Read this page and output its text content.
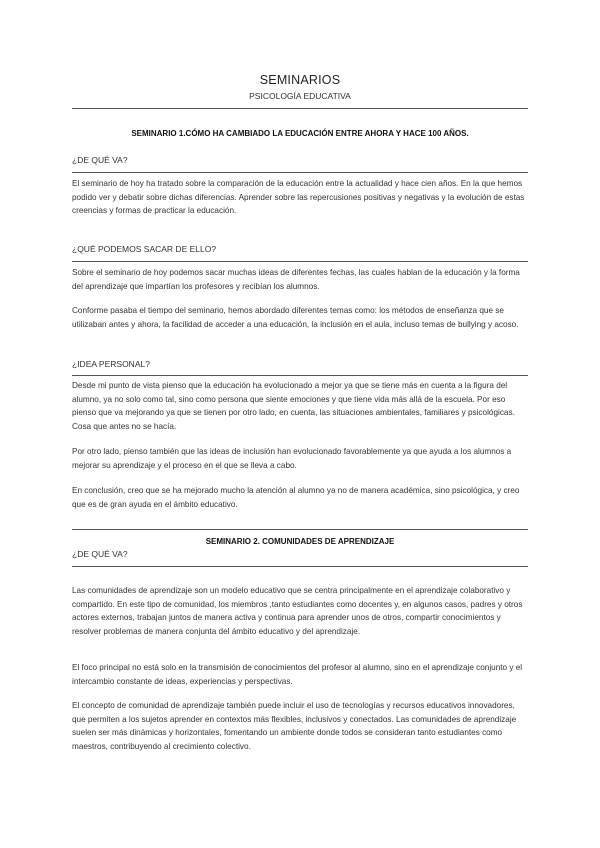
SEMINARIOS
PSICOLOGÍA EDUCATIVA
SEMINARIO 1.CÓMO HA CAMBIADO LA EDUCACIÓN ENTRE AHORA Y HACE 100 AÑOS.
¿DE QUÉ VA?

El seminario de hoy ha tratado sobre la comparación de la educación entre la actualidad y hace cien años. En la que hemos podido ver y debatir sobre dichas diferencias. Aprender sobre las repercusiones positivas y negativas y la evolución de estas creencias y formas de practicar la educación.

¿QUÉ PODEMOS SACAR DE ELLO?

Sobre el seminario de hoy podemos sacar muchas ideas de diferentes fechas, las cuales hablan de la educación y la forma del aprendizaje que impartían los profesores y recibían los alumnos.

Conforme pasaba el tiempo del seminario, hemos abordado diferentes temas como: los métodos de enseñanza que se utilizaban antes y ahora, la facilidad de acceder a una educación, la inclusión en el aula, incluso temas de bullying y acoso.

¿IDEA PERSONAL?

Desde mi punto de vista pienso que la educación ha evolucionado a mejor ya que se tiene más en cuenta a la figura del alumno, ya no solo como tal, sino como persona que siente emociones y que tiene vida más allá de la escuela. Por eso pienso que va mejorando ya que se tienen por otro lado, en cuenta, las situaciones ambientales, familiares y psicológicas. Cosa que antes no se hacía.

Por otro lado, pienso también que las ideas de inclusión han evolucionado favorablemente ya que ayuda a los alumnos a mejorar su aprendizaje y el proceso en el que se lleva a cabo.

En conclusión, creo que se ha mejorado mucho la atención al alumno ya no de manera académica, sino psicológica, y creo que es de gran ayuda en el ámbito educativo.

SEMINARIO 2. COMUNIDADES DE APRENDIZAJE
¿DE QUÉ VA?

Las comunidades de aprendizaje son un modelo educativo que se centra principalmente en el aprendizaje colaborativo y compartido. En este tipo de comunidad, los miembros ,tanto estudiantes como docentes y, en algunos casos, padres y otros actores externos, trabajan juntos de manera activa y continua para aprender unos de otros, compartir conocimientos y resolver problemas de manera conjunta del ámbito educativo y del aprendizaje.

El foco principal no está solo en la transmisión de conocimientos del profesor al alumno, sino en el aprendizaje conjunto y el intercambio constante de ideas, experiencias y perspectivas.

El concepto de comunidad de aprendizaje también puede incluir el uso de tecnologías y recursos educativos innovadores, que permiten a los sujetos aprender en contextos más flexibles, inclusivos y conectados. Las comunidades de aprendizaje suelen ser más dinámicas y horizontales, fomentando un ambiente donde todos se consideran tanto estudiantes como maestros, contribuyendo al crecimiento colectivo.
